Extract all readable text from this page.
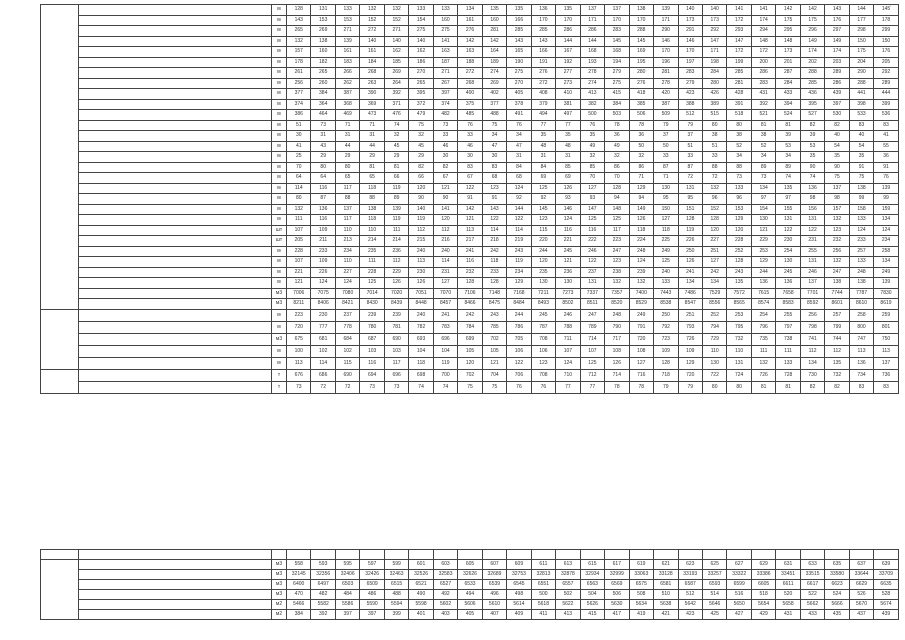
'
		м	128	131	133	132	132	133	133	134	135	135	136	135	137	137	138	139	140	140	141	141	142	142	143	144	145
		м	143	153	153	152	152	154	160	161	160	166	170	170	171	170	170	171	173	173	172	174	175	175	176	177	178
		м	265	269	271	272	271	275	275	276	281	285	285	286	286	283	288	290	291	292	293	294	295	296	297	298	299
		м	132	138	139	140	140	140	141	142	142	143	143	144	144	145	145	146	146	147	147	148	148	149	149	150	150
		м	157	160	161	161	162	162	163	163	164	165	166	167	168	168	169	170	170	171	172	172	173	174	174	175	176
		м	178	182	183	184	185	186	187	188	189	190	191	192	193	194	195	196	197	198	199	200	201	202	203	204	205
		м	261	265	266	268	269	270	271	272	274	275	276	277	278	279	280	281	283	284	285	286	287	288	289	290	292
		м	256	260	262	263	264	265	267	268	269	270	272	273	274	275	276	278	279	280	281	283	284	285	286	288	289
		м	377	384	387	390	392	395	397	400	402	405	408	410	413	415	418	420	423	426	428	431	433	436	439	441	444
		м	374	364	368	369	371	372	374	375	377	378	379	381	382	384	385	387	388	389	391	392	394	395	397	398	399
		м	386	464	469	473	476	479	482	485	488	491	494	497	500	503	506	509	512	515	518	521	524	527	530	533	536
		м	51	73	71	71	74	75	73	76	75	76	77	77	76	78	78	79	79	80	80	81	81	82	82	83	83
		м	30	31	31	31	32	32	33	33	34	34	35	35	35	36	36	37	37	38	38	38	39	39	40	40	41
		м	41	43	44	44	45	45	46	46	47	47	48	48	49	49	50	50	51	51	52	52	53	53	54	54	55
		м	25	29	29	29	29	29	30	30	30	31	31	31	32	32	32	33	33	33	34	34	34	35	35	35	36
		м	70	80	80	81	81	82	82	83	83	84	84	85	85	86	86	87	87	88	88	89	89	90	90	91	91
		м	64	64	65	65	66	66	67	67	68	68	69	69	70	70	71	71	72	72	73	73	74	74	75	75	76
		м	114	116	117	118	119	120	121	122	123	124	125	126	127	128	129	130	131	132	133	134	135	136	137	138	139
		м	80	87	88	88	89	90	90	91	91	92	92	93	93	94	94	95	95	96	96	97	97	98	98	99	99
		м	132	136	137	138	139	140	141	142	143	144	145	146	147	148	149	150	151	152	153	154	155	156	157	158	159
		м	111	116	117	118	119	119	120	121	122	122	123	124	125	125	126	127	128	128	129	130	131	131	132	133	134
		шт	107	109	110	110	111	112	112	113	114	114	115	116	116	117	118	118	119	120	120	121	122	122	123	124	124
		шт	205	211	213	214	214	215	216	217	218	219	220	221	222	223	224	225	226	227	228	229	230	231	232	233	234
		м	228	233	234	235	236	240	240	241	242	243	244	245	246	247	248	249	250	251	252	253	254	255	256	257	258
		м	107	109	110	111	112	113	114	116	118	119	120	121	122	123	124	125	126	127	128	129	130	131	132	133	134
		м	221	226	227	228	229	230	231	232	233	234	235	236	237	238	239	240	241	242	243	244	245	246	247	248	249
		м	121	124	124	125	126	126	127	128	128	129	130	130	131	132	132	133	134	134	135	136	136	137	138	138	139
		м3	7006	7075	7080	7014	7020	7051	7070	7106	7148	7168	7211	7273	7337	7357	7400	7443	7486	7529	7572	7615	7658	7701	7744	7787	7830
		м3	8211	8406	8421	8430	8439	8448	8457	8466	8475	8484	8493	8502	8511	8520	8529	8538	8547	8556	8565	8574	8583	8592	8601	8610	8619
		м	223	230	237	239	239	240	241	242	243	244	245	246	247	248	249	250	251	252	253	254	255	256	257	258	259
		м	720	777	778	780	781	782	783	784	785	786	787	788	789	790	791	792	793	794	795	796	797	798	799	800	801
		м3	675	681	684	687	690	693	696	699	702	705	708	711	714	717	720	723	726	729	732	735	738	741	744	747	750
		м	100	102	102	103	103	104	104	105	105	106	106	107	107	108	108	109	109	110	110	111	111	112	112	113	113
		м	113	114	115	116	117	118	119	120	121	122	123	124	125	126	127	128	129	130	131	132	133	134	135	136	137
		т	676	686	690	694	696	698	700	702	704	706	708	710	712	714	716	718	720	722	724	726	728	730	732	734	736
		т	73	72	72	73	73	74	74	75	75	76	76	77	77	78	78	79	79	80	80	81	81	82	82	83	83

		м3	558	593	595	597	599	601	603	605	607	609	611	613	615	617	619	621	623	625	627	629	631	633	635	637	639
		м3	32145	32356	32406	32426	32463	32526	32583	32626	32689	32753	32813	32878	32934	32999	33063	33128	33193	33257	33322	33386	33451	33515	33580	33644	33709
		м3	6400	6497	6503	6509	6515	6521	6527	6533	6539	6545	6551	6557	6563	6569	6575	6581	6587	6593	6599	6605	6611	6617	6623	6629	6635
		м3	470	482	484	486	488	490	492	494	496	498	500	502	504	506	508	510	512	514	516	518	520	522	524	526	528
		м2	5466	5582	5586	5590	5594	5598	5602	5606	5610	5614	5618	5622	5626	5630	5634	5638	5642	5646	5650	5654	5658	5662	5666	5670	5674
		м2	384	392	397	397	399	401	403	405	407	409	411	413	415	417	419	421	423	425	427	429	431	433	435	437	439
